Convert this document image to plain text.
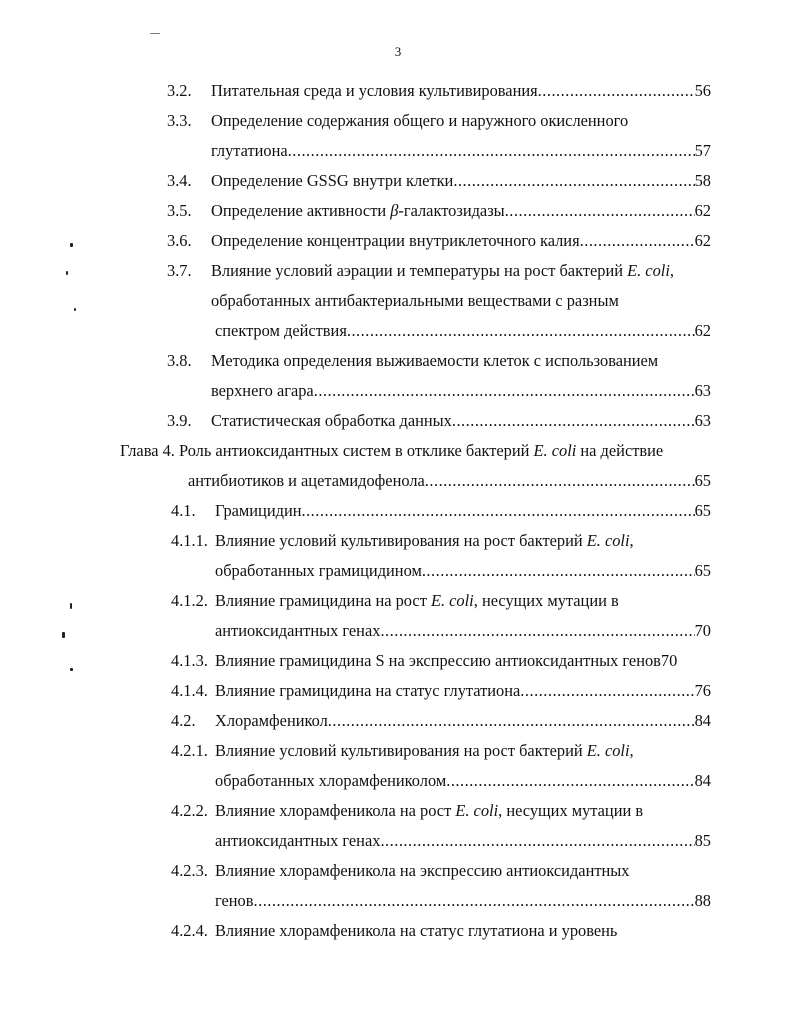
3
3.2. Питательная среда и условия культивирования .....	56
3.3. Определение содержания общего и наружного окисленного
глутатиона .....	57
3.4. Определение GSSG внутри клетки .....	58
3.5. Определение активности β-галактозидазы .....	62
3.6. Определение концентрации внутриклеточного калия .....	62
3.7. Влияние условий аэрации и температуры на рост бактерий E. coli,
обработанных антибактериальными веществами с разным
спектром действия .....	62
3.8. Методика определения выживаемости клеток с использованием
верхнего агара .....	63
3.9. Статистическая обработка данных .....	63
Глава 4. Роль антиоксидантных систем в отклике бактерий E. coli на действие
антибиотиков и ацетамидофенола .....	65
4.1. Грамицидин .....	65
4.1.1. Влияние условий культивирования на рост бактерий E. coli,
обработанных грамицидином .....	65
4.1.2. Влияние грамицидина на рост E. coli, несущих мутации в
антиоксидантных генах .....	70
4.1.3. Влияние грамицидина S на экспрессию антиоксидантных генов 70
4.1.4. Влияние грамицидина на статус глутатиона .....	76
4.2. Хлорамфеникол .....	84
4.2.1. Влияние условий культивирования на рост бактерий E. coli,
обработанных хлорамфениколом .....	84
4.2.2. Влияние хлорамфеникола на рост E. coli, несущих мутации в
антиоксидантных генах .....	85
4.2.3. Влияние хлорамфеникола на экспрессию антиоксидантных
генов .....	88
4.2.4. Влияние хлорамфеникола на статус глутатиона и уровень
